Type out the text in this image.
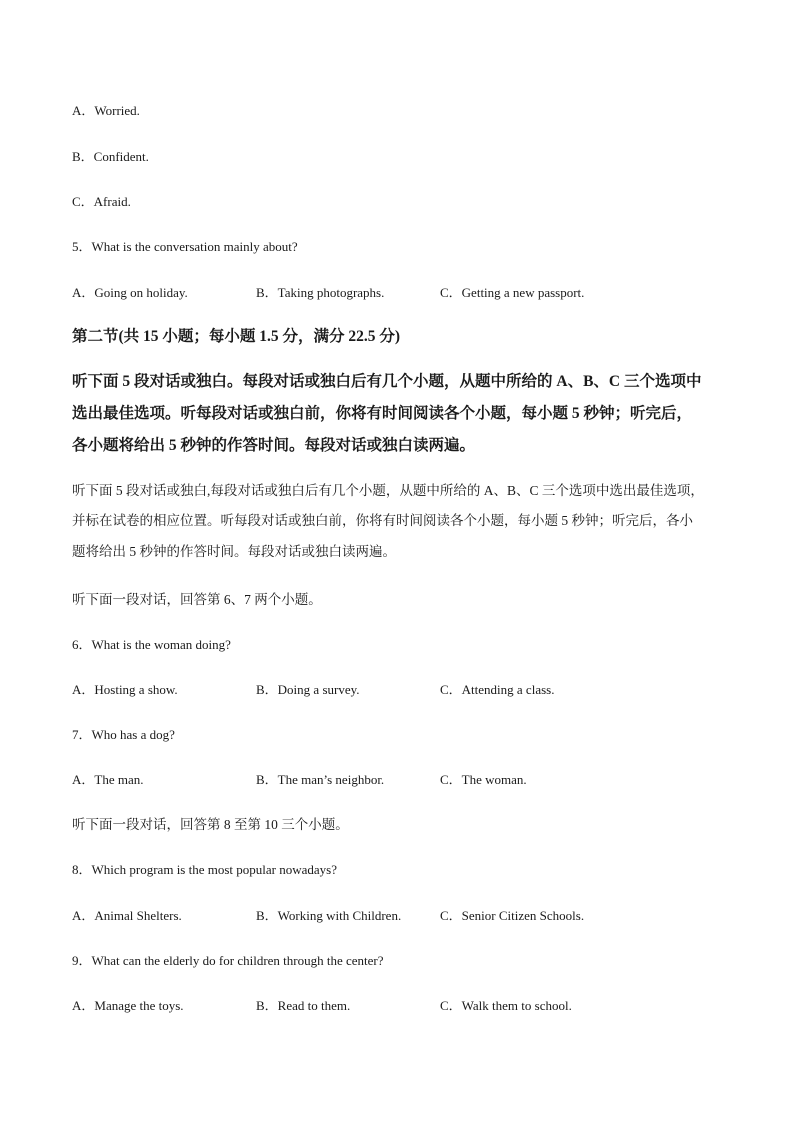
A．Worried.
B．Confident.
C．Afraid.
5．What is the conversation mainly about?
A．Going on holiday.	B．Taking photographs.	C．Getting a new passport.
第二节(共 15 小题；每小题 1.5 分，满分 22.5 分)
听下面 5 段对话或独白。每段对话或独白后有几个小题，从题中所给的 A、B、C 三个选项中
选出最佳选项。听每段对话或独白前，你将有时间阅读各个小题，每小题 5 秒钟；听完后，
各小题将给出 5 秒钟的作答时间。每段对话或独白读两遍。
听下面 5 段对话或独白,每段对话或独白后有几个小题，从题中所给的 A、B、C 三个选项中选出最佳选项，
并标在试卷的相应位置。听每段对话或独白前，你将有时间阅读各个小题，每小题 5 秒钟；听完后，各小
题将给出 5 秒钟的作答时间。每段对话或独白读两遍。
听下面一段对话，回答第 6、7 两个小题。
6．What is the woman doing?
A．Hosting a show.	B．Doing a survey.	C．Attending a class.
7．Who has a dog?
A．The man.	B．The man’s neighbor.	C．The woman.
听下面一段对话，回答第 8 至第 10 三个小题。
8．Which program is the most popular nowadays?
A．Animal Shelters.	B．Working with Children.	C．Senior Citizen Schools.
9．What can the elderly do for children through the center?
A．Manage the toys.	B．Read to them.	C．Walk them to school.
